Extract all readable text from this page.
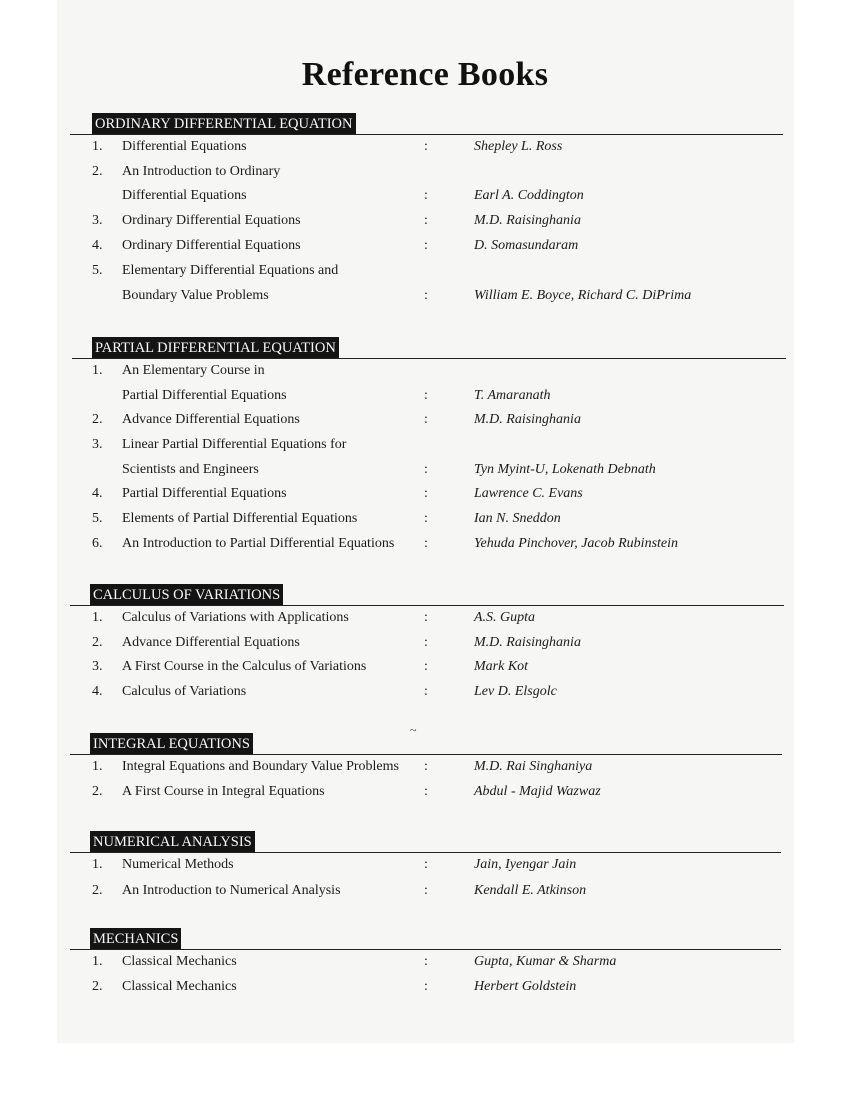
Reference Books
ORDINARY DIFFERENTIAL EQUATION
1. Differential Equations	:	Shepley L. Ross
2. An Introduction to Ordinary
Differential Equations	:	Earl A. Coddington
3. Ordinary Differential Equations	:	M.D. Raisinghania
4. Ordinary Differential Equations	:	D. Somasundaram
5. Elementary Differential Equations and
Boundary Value Problems	:	William E. Boyce, Richard C. DiPrima
PARTIAL DIFFERENTIAL EQUATION
1. An Elementary Course in
Partial Differential Equations	:	T. Amaranath
2. Advance Differential Equations	:	M.D. Raisinghania
3. Linear Partial Differential Equations for
Scientists and Engineers	:	Tyn Myint-U, Lokenath Debnath
4. Partial Differential Equations	:	Lawrence C. Evans
5. Elements of Partial Differential Equations	:	Ian N. Sneddon
6. An Introduction to Partial Differential Equations :	Yehuda Pinchover, Jacob Rubinstein
CALCULUS OF VARIATIONS
1. Calculus of Variations with Applications	:	A.S. Gupta
2. Advance Differential Equations	:	M.D. Raisinghania
3. A First Course in the Calculus of Variations	:	Mark Kot
4. Calculus of Variations	:	Lev D. Elsgolc
INTEGRAL EQUATIONS
1. Integral Equations and Boundary Value Problems :	M.D. Rai Singhaniya
2. A First Course in Integral Equations	:	Abdul - Majid Wazwaz
NUMERICAL ANALYSIS
1. Numerical Methods	:	Jain, Iyengar Jain
2. An Introduction to Numerical Analysis	:	Kendall E. Atkinson
MECHANICS
1. Classical Mechanics	:	Gupta, Kumar & Sharma
2. Classical Mechanics	:	Herbert Goldstein
~
